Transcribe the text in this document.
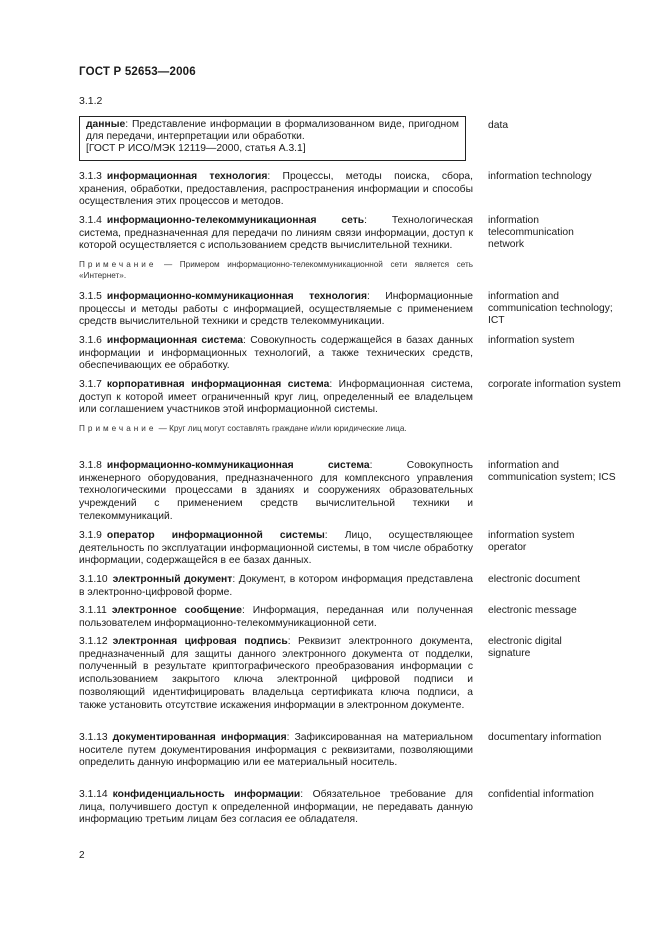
ГОСТ Р 52653—2006
3.1.2
данные: Представление информации в формализованном виде, пригодном для передачи, интерпретации или обработки.
[ГОСТ Р ИСО/МЭК 12119—2000, статья А.3.1]
data
3.1.3 информационная технология: Процессы, методы поиска, сбора, хранения, обработки, предоставления, распространения информации и способы осуществления этих процессов и методов.
information technology
3.1.4 информационно-телекоммуникационная сеть: Технологическая система, предназначенная для передачи по линиям связи информации, доступ к которой осуществляется с использованием средств вычислительной техники.
information telecommunication network
Примечание — Примером информационно-телекоммуникационной сети является сеть «Интернет».
3.1.5 информационно-коммуникационная технология: Информационные процессы и методы работы с информацией, осуществляемые с применением средств вычислительной техники и средств телекоммуникации.
information and communication technology; ICT
3.1.6 информационная система: Совокупность содержащейся в базах данных информации и информационных технологий, а также технических средств, обеспечивающих ее обработку.
information system
3.1.7 корпоративная информационная система: Информационная система, доступ к которой имеет ограниченный круг лиц, определенный ее владельцем или соглашением участников этой информационной системы.
corporate information system
Примечание — Круг лиц могут составлять граждане и/или юридические лица.
3.1.8 информационно-коммуникационная система: Совокупность инженерного оборудования, предназначенного для комплексного управления технологическими процессами в зданиях и сооружениях образовательных учреждений с применением средств вычислительной техники и телекоммуникаций.
information and communication system; ICS
3.1.9 оператор информационной системы: Лицо, осуществляющее деятельность по эксплуатации информационной системы, в том числе обработку информации, содержащейся в ее базах данных.
information system operator
3.1.10 электронный документ: Документ, в котором информация представлена в электронно-цифровой форме.
electronic document
3.1.11 электронное сообщение: Информация, переданная или полученная пользователем информационно-телекоммуникационной сети.
electronic message
3.1.12 электронная цифровая подпись: Реквизит электронного документа, предназначенный для защиты данного электронного документа от подделки, полученный в результате криптографического преобразования информации с использованием закрытого ключа электронной цифровой подписи и позволяющий идентифицировать владельца сертификата ключа подписи, а также установить отсутствие искажения информации в электронном документе.
electronic digital signature
3.1.13 документированная информация: Зафиксированная на материальном носителе путем документирования информация с реквизитами, позволяющими определить данную информацию или ее материальный носитель.
documentary information
3.1.14 конфиденциальность информации: Обязательное требование для лица, получившего доступ к определенной информации, не передавать данную информацию третьим лицам без согласия ее обладателя.
confidential information
2
